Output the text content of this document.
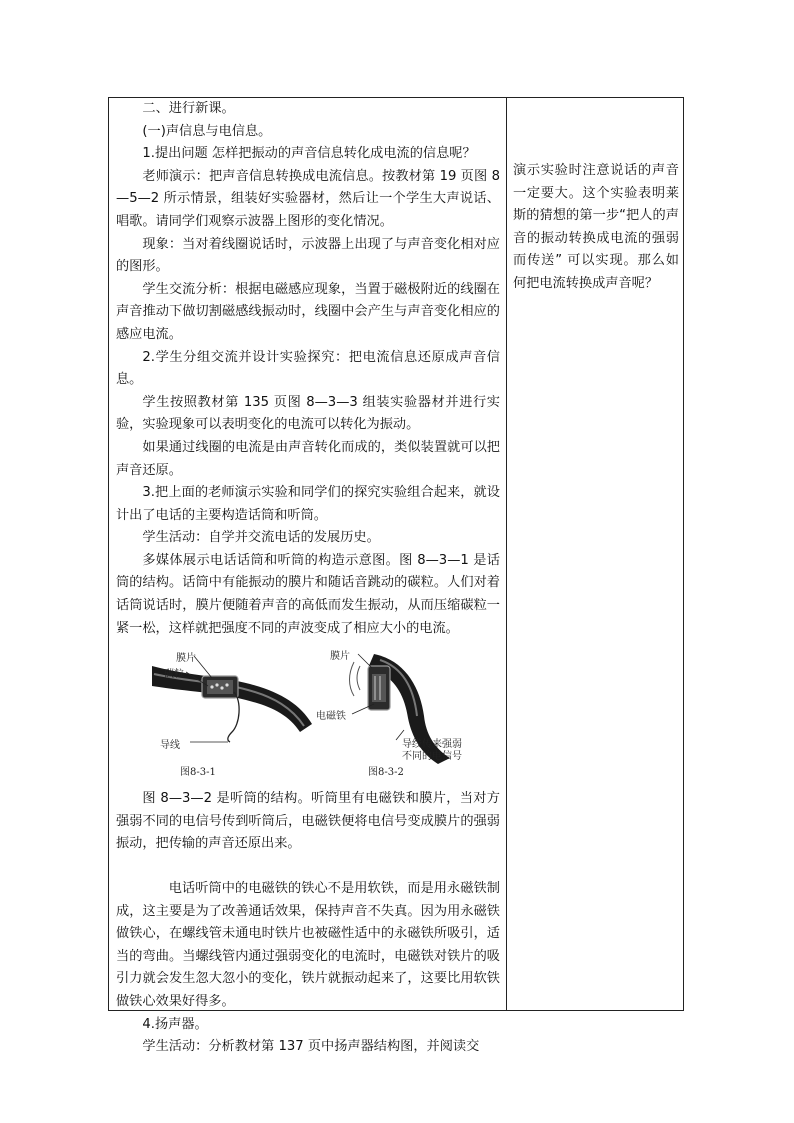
二、进行新课。

(一)声信息与电信息。

1.提出问题 怎样把振动的声音信息转化成电流的信息呢？

老师演示：把声音信息转换成电流信息。按教材第 19 页图 8—5—2 所示情景，组装好实验器材，然后让一个学生大声说话、唱歌。请同学们观察示波器上图形的变化情况。

现象：当对着线圈说话时，示波器上出现了与声音变化相对应的图形。

学生交流分析：根据电磁感应现象，当置于磁极附近的线圈在声音推动下做切割磁感线振动时，线圈中会产生与声音变化相应的感应电流。

2.学生分组交流并设计实验探究：把电流信息还原成声音信息。

学生按照教材第 135 页图 8—3—3 组装实验器材并进行实验，实验现象可以表明变化的电流可以转化为振动。

如果通过线圈的电流是由声音转化而成的，类似装置就可以把声音还原。

3.把上面的老师演示实验和同学们的探究实验组合起来，就设计出了电话的主要构造话筒和听筒。

学生活动：自学并交流电话的发展历史。

多媒体展示电话话筒和听筒的构造示意图。图 8—3—1 是话筒的结构。话筒中有能振动的膜片和随话音跳动的碳粒。人们对着话筒说话时，膜片便随着声音的高低而发生振动，从而压缩碳粒一紧一松，这样就把强度不同的声波变成了相应大小的电流。

膜片
碳粒
导线
图8-3-1
膜片
电磁铁
导线传来强弱
不同的电信号
图8-3-2

图 8—3—2 是听筒的结构。听筒里有电磁铁和膜片，当对方强弱不同的电信号传到听筒后，电磁铁便将电信号变成膜片的强弱振动，把传输的声音还原出来。

电话听筒中的电磁铁的铁心不是用软铁，而是用永磁铁制成，这主要是为了改善通话效果，保持声音不失真。因为用永磁铁做铁心，在螺线管未通电时铁片也被磁性适中的永磁铁所吸引，适当的弯曲。当螺线管内通过强弱变化的电流时，电磁铁对铁片的吸引力就会发生忽大忽小的变化，铁片就振动起来了，这要比用软铁做铁心效果好得多。

4.扬声器。

学生活动：分析教材第 137 页中扬声器结构图，并阅读交

演示实验时注意说话的声音一定要大。这个实验表明莱斯的猜想的第一步“把人的声音的振动转换成电流的强弱而传送” 可以实现。那么如何把电流转换成声音呢？
